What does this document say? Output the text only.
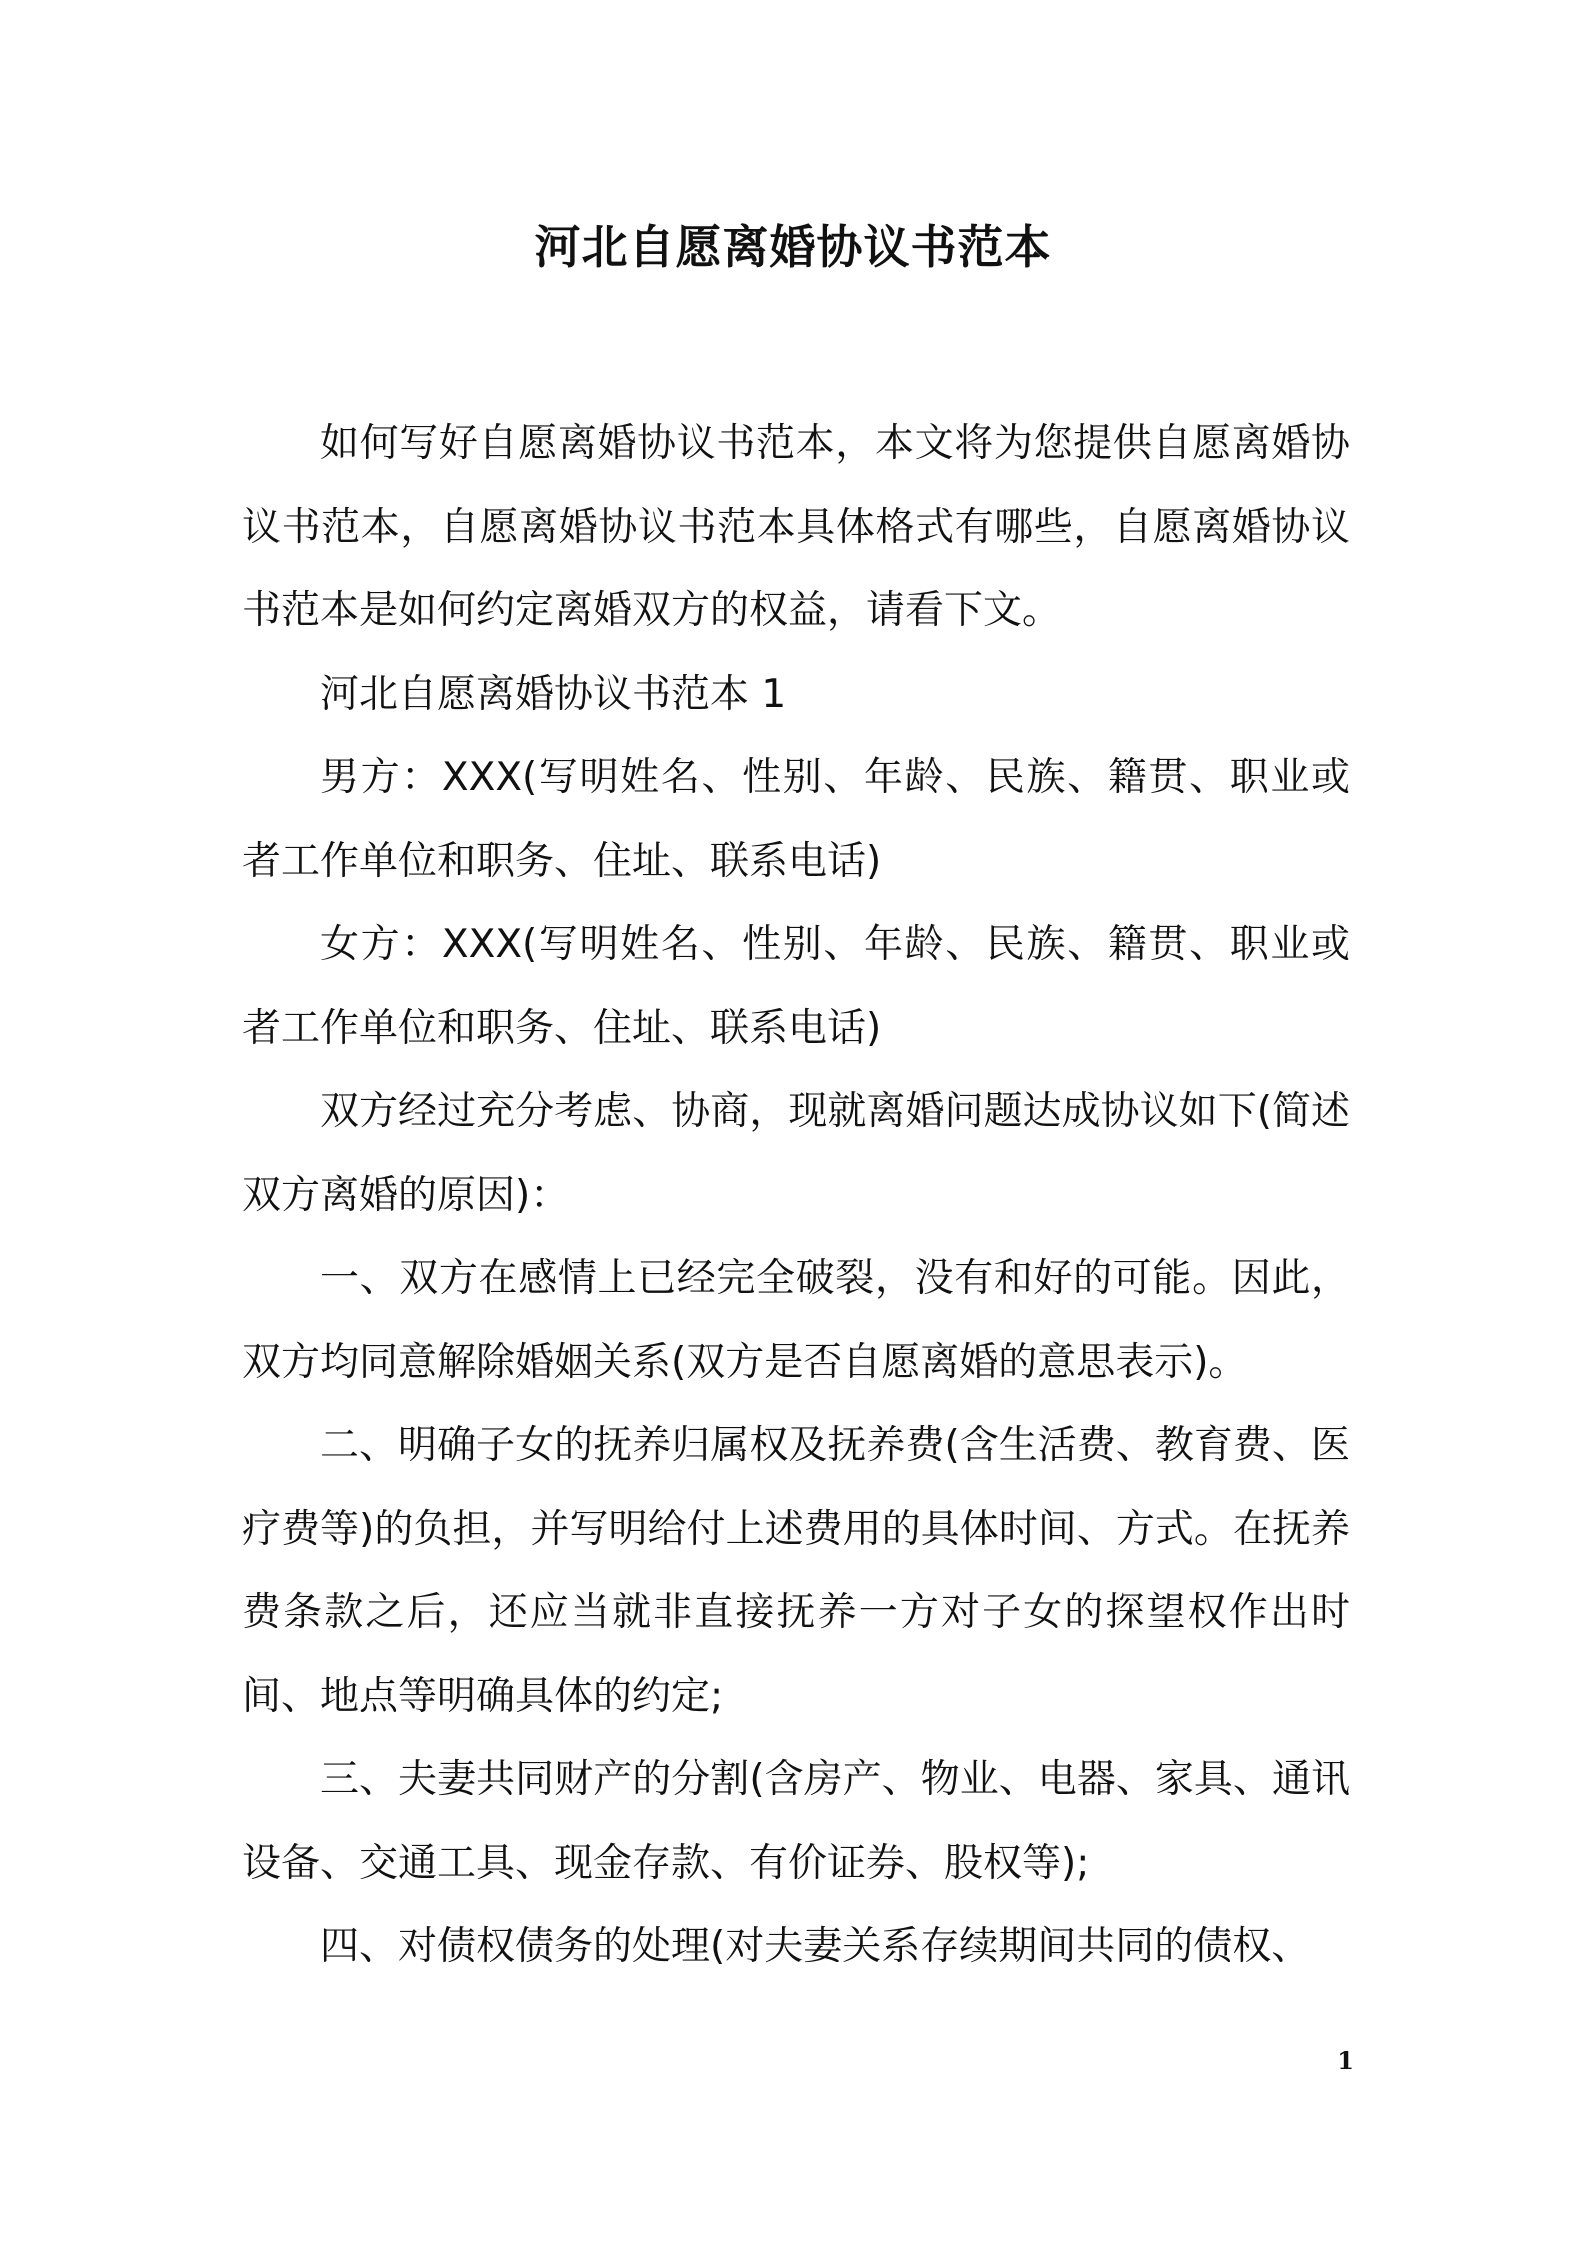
河北自愿离婚协议书范本

如何写好自愿离婚协议书范本，本文将为您提供自愿离婚协议书范本，自愿离婚协议书范本具体格式有哪些，自愿离婚协议书范本是如何约定离婚双方的权益，请看下文。

河北自愿离婚协议书范本 1

男方：XXX(写明姓名、性别、年龄、民族、籍贯、职业或者工作单位和职务、住址、联系电话)

女方：XXX(写明姓名、性别、年龄、民族、籍贯、职业或者工作单位和职务、住址、联系电话)

双方经过充分考虑、协商，现就离婚问题达成协议如下(简述双方离婚的原因)：

一、双方在感情上已经完全破裂，没有和好的可能。因此，双方均同意解除婚姻关系(双方是否自愿离婚的意思表示)。

二、明确子女的抚养归属权及抚养费(含生活费、教育费、医疗费等)的负担，并写明给付上述费用的具体时间、方式。在抚养费条款之后，还应当就非直接抚养一方对子女的探望权作出时间、地点等明确具体的约定;

三、夫妻共同财产的分割(含房产、物业、电器、家具、通讯设备、交通工具、现金存款、有价证券、股权等);

四、对债权债务的处理(对夫妻关系存续期间共同的债权、

1
